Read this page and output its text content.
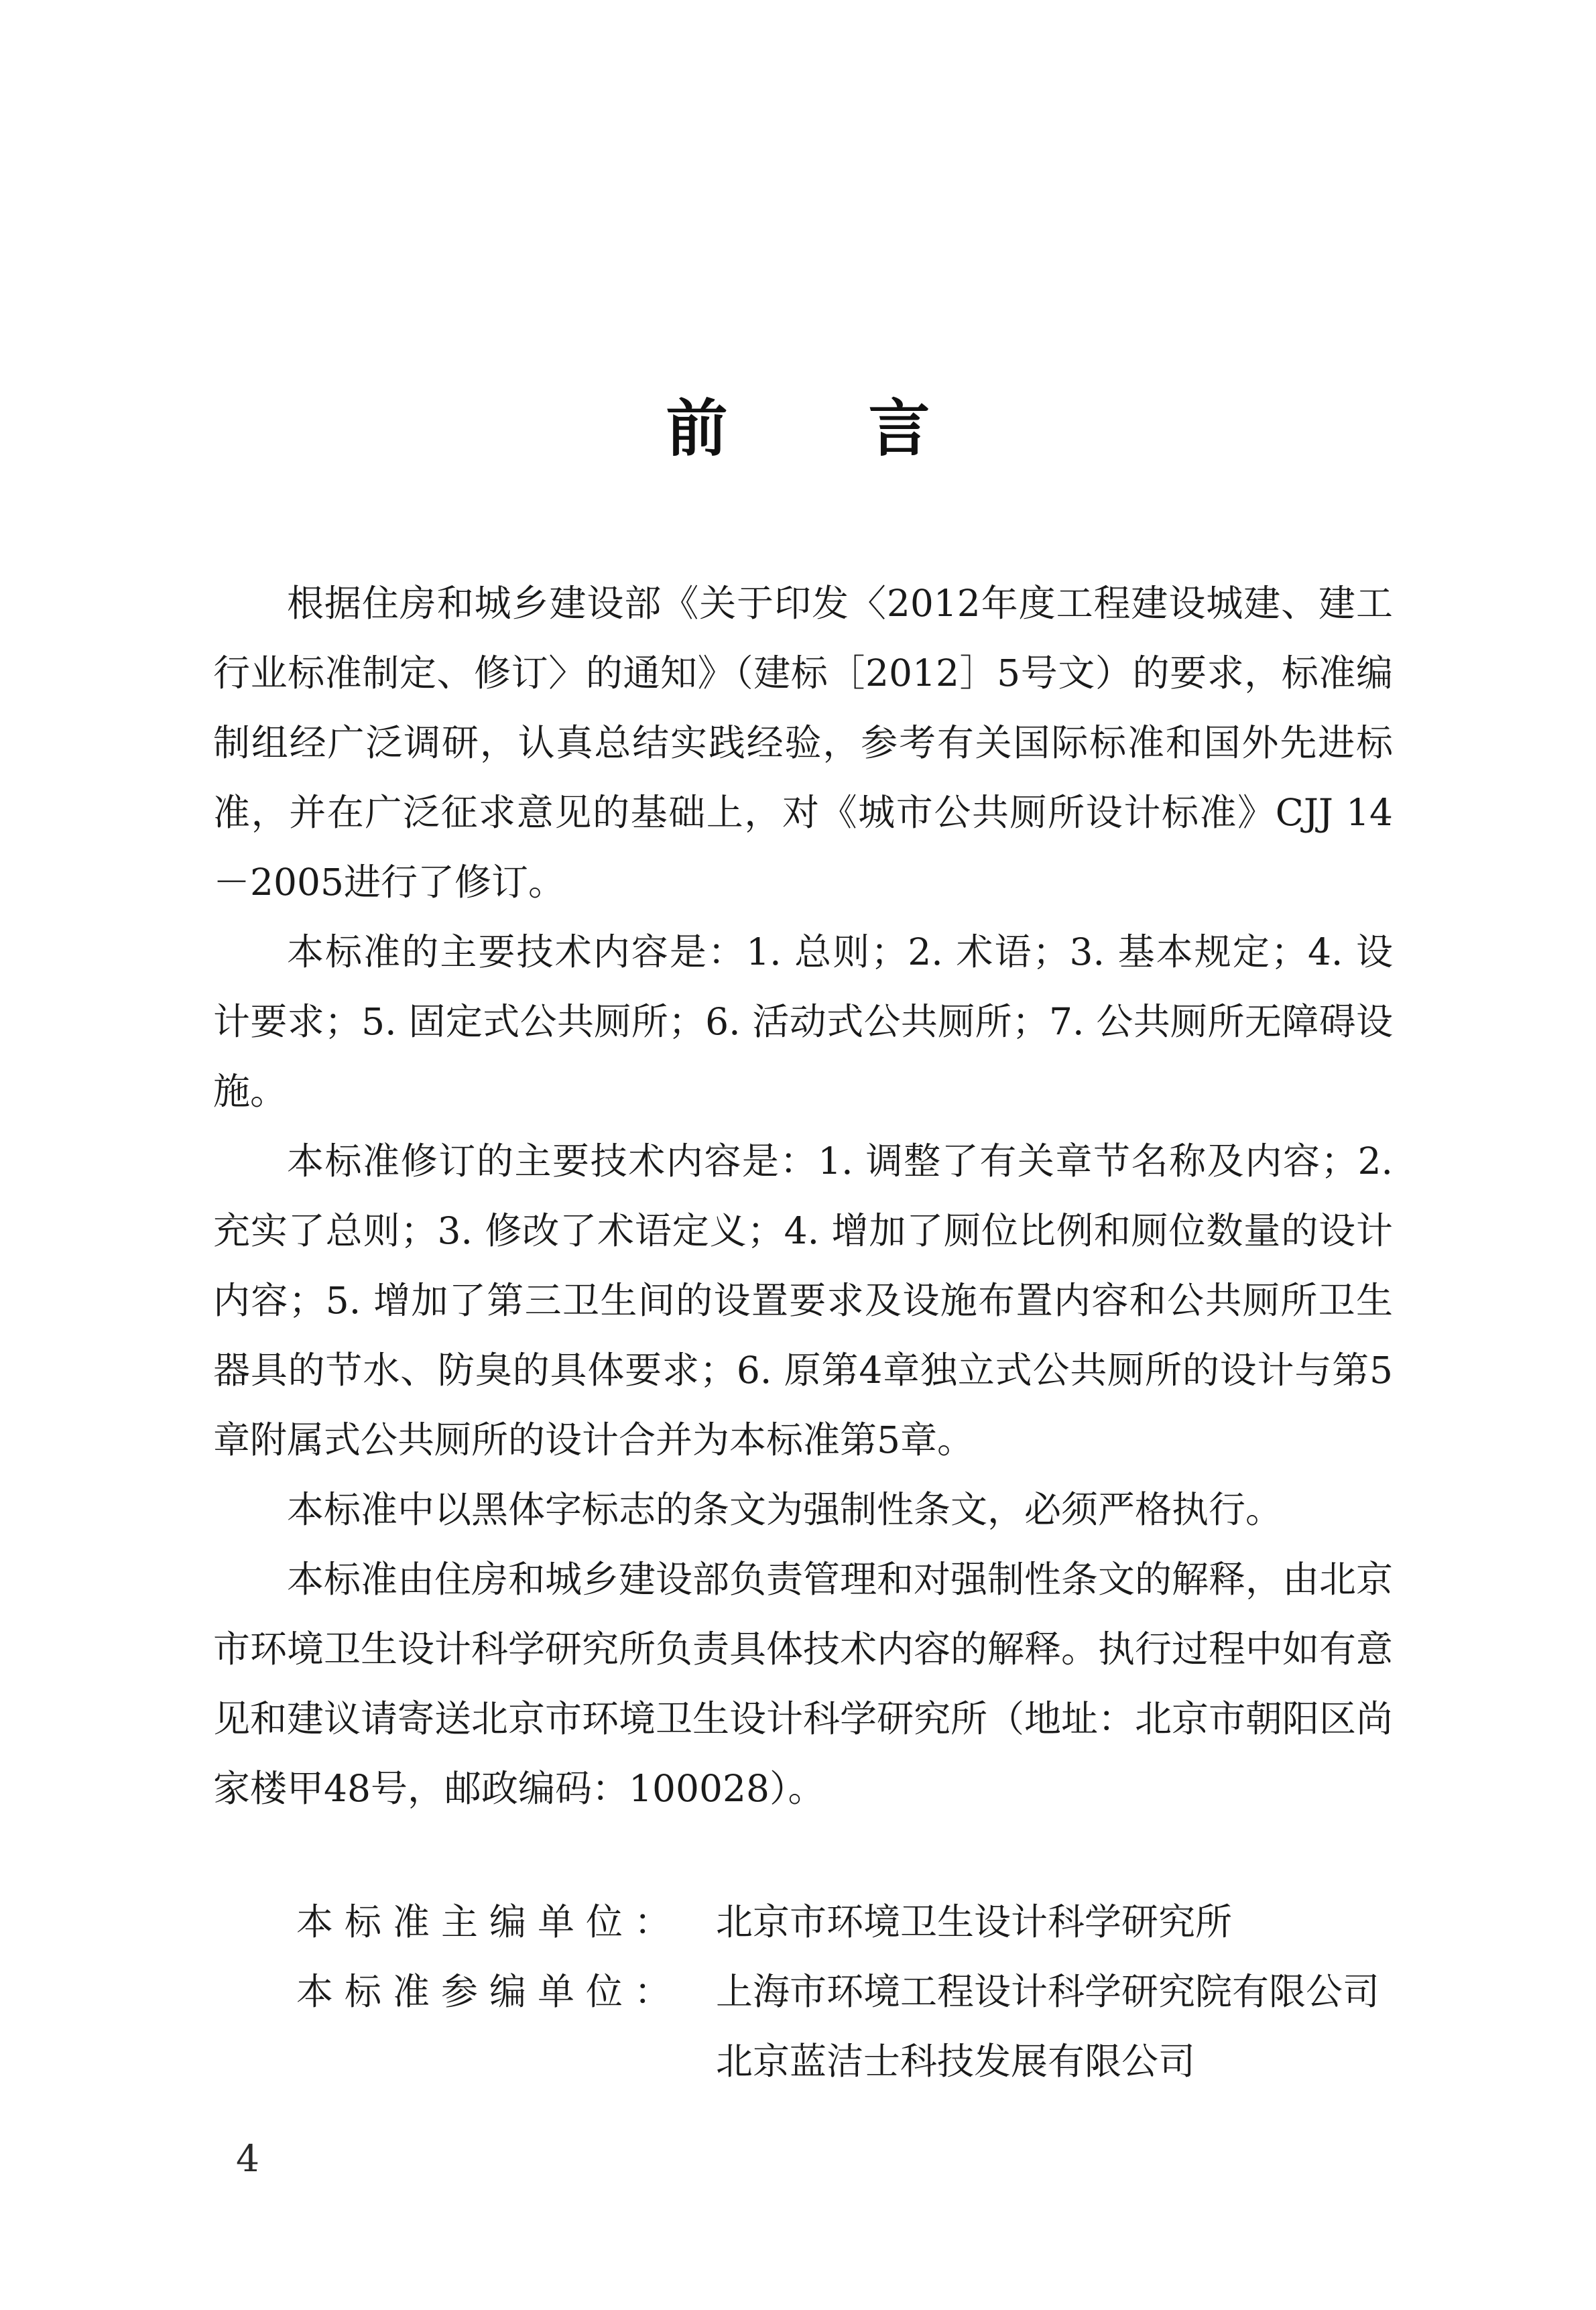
前言

根据住房和城乡建设部《关于印发〈2012年度工程建设城建、建工行业标准制定、修订〉的通知》（建标［2012］5号文）的要求，标准编制组经广泛调研，认真总结实践经验，参考有关国际标准和国外先进标准，并在广泛征求意见的基础上，对《城市公共厕所设计标准》CJJ 14－2005进行了修订。

本标准的主要技术内容是：1. 总则；2. 术语；3. 基本规定；4. 设计要求；5. 固定式公共厕所；6. 活动式公共厕所；7. 公共厕所无障碍设施。

本标准修订的主要技术内容是：1. 调整了有关章节名称及内容；2. 充实了总则；3. 修改了术语定义；4. 增加了厕位比例和厕位数量的设计内容；5. 增加了第三卫生间的设置要求及设施布置内容和公共厕所卫生器具的节水、防臭的具体要求；6. 原第4章独立式公共厕所的设计与第5章附属式公共厕所的设计合并为本标准第5章。

本标准中以黑体字标志的条文为强制性条文，必须严格执行。

本标准由住房和城乡建设部负责管理和对强制性条文的解释，由北京市环境卫生设计科学研究所负责具体技术内容的解释。执行过程中如有意见和建议请寄送北京市环境卫生设计科学研究所（地址：北京市朝阳区尚家楼甲48号，邮政编码：100028）。

本标准主编单位： 北京市环境卫生设计科学研究所
本标准参编单位： 上海市环境工程设计科学研究院有限公司
北京蓝洁士科技发展有限公司
4
